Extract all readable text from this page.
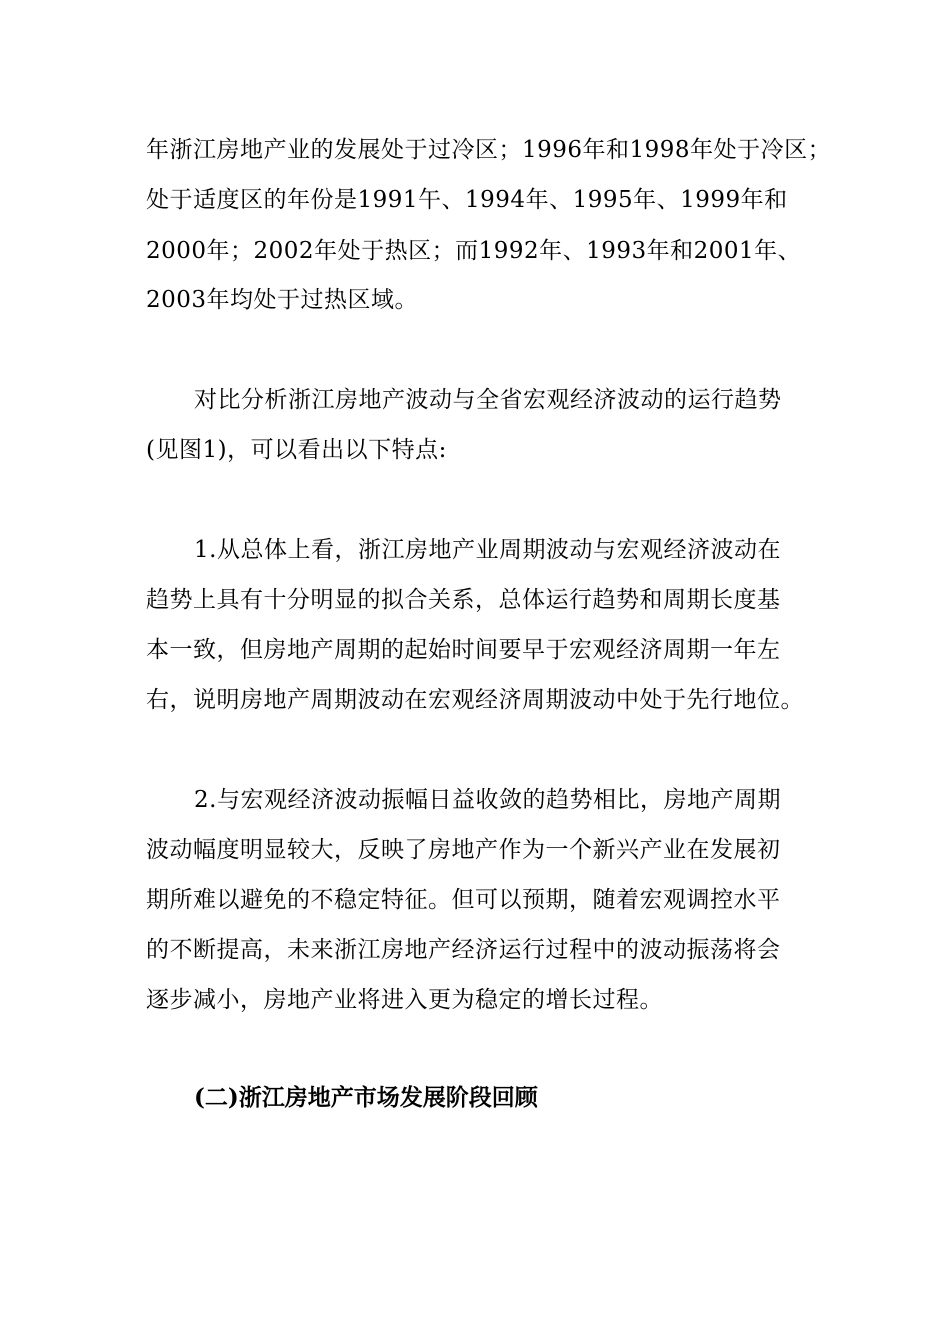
年浙江房地产业的发展处于过冷区；1996年和1998年处于冷区；
处于适度区的年份是1991午、1994年、1995年、1999年和
2000年；2002年处于热区；而1992年、1993年和2001年、
2003年均处于过热区域。
对比分析浙江房地产波动与全省宏观经济波动的运行趋势
(见图1)，可以看出以下特点:
1.从总体上看，浙江房地产业周期波动与宏观经济波动在
趋势上具有十分明显的拟合关系，总体运行趋势和周期长度基
本一致，但房地产周期的起始时间要早于宏观经济周期一年左
右，说明房地产周期波动在宏观经济周期波动中处于先行地位。
2.与宏观经济波动振幅日益收敛的趋势相比，房地产周期
波动幅度明显较大，反映了房地产作为一个新兴产业在发展初
期所难以避免的不稳定特征。但可以预期，随着宏观调控水平
的不断提高，未来浙江房地产经济运行过程中的波动振荡将会
逐步减小，房地产业将进入更为稳定的增长过程。
(二)浙江房地产市场发展阶段回顾
